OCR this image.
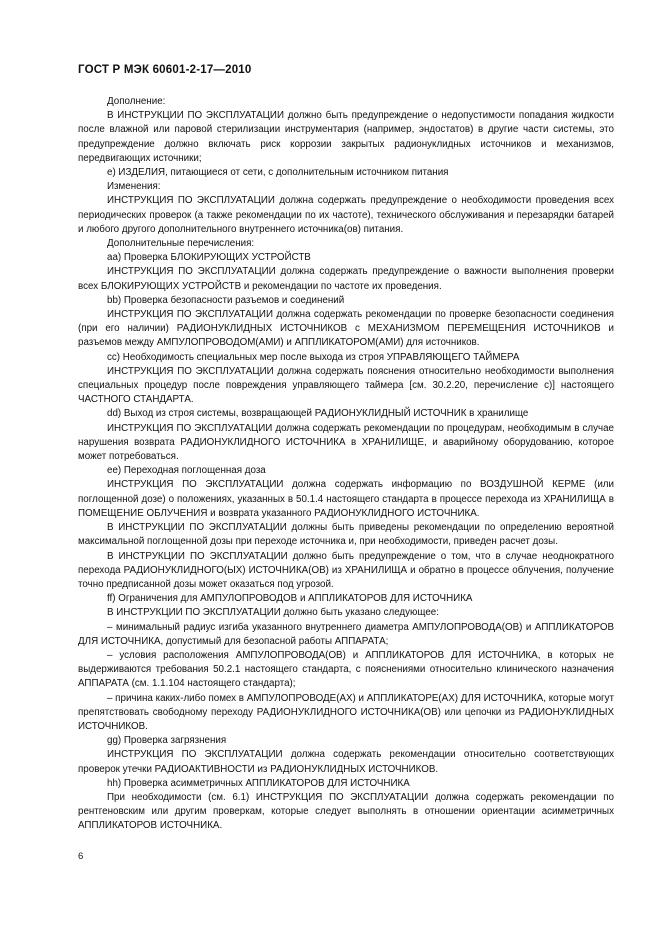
ГОСТ Р МЭК 60601-2-17—2010

Дополнение:

В ИНСТРУКЦИИ ПО ЭКСПЛУАТАЦИИ должно быть предупреждение о недопустимости попадания жидкости после влажной или паровой стерилизации инструментария (например, эндостатов) в другие части системы, это предупреждение должно включать риск коррозии закрытых радионуклидных источников и механизмов, передвигающих источники;

е) ИЗДЕЛИЯ, питающиеся от сети, с дополнительным источником питания

Изменения:

ИНСТРУКЦИЯ ПО ЭКСПЛУАТАЦИИ должна содержать предупреждение о необходимости проведения всех периодических проверок (а также рекомендации по их частоте), технического обслуживания и перезарядки батарей и любого другого дополнительного внутреннего источника(ов) питания.

Дополнительные перечисления:

аа) Проверка БЛОКИРУЮЩИХ УСТРОЙСТВ

ИНСТРУКЦИЯ ПО ЭКСПЛУАТАЦИИ должна содержать предупреждение о важности выполнения проверки всех БЛОКИРУЮЩИХ УСТРОЙСТВ и рекомендации по частоте их проведения.

bb) Проверка безопасности разъемов и соединений

ИНСТРУКЦИЯ ПО ЭКСПЛУАТАЦИИ должна содержать рекомендации по проверке безопасности соединения (при его наличии) РАДИОНУКЛИДНЫХ ИСТОЧНИКОВ с МЕХАНИЗМОМ ПЕРЕМЕЩЕНИЯ ИСТОЧНИКОВ и разъемов между АМПУЛОПРОВОДОМ(АМИ) и АППЛИКАТОРОМ(АМИ) для источников.

сс) Необходимость специальных мер после выхода из строя УПРАВЛЯЮЩЕГО ТАЙМЕРА

ИНСТРУКЦИЯ ПО ЭКСПЛУАТАЦИИ должна содержать пояснения относительно необходимости выполнения специальных процедур после повреждения управляющего таймера [см. 30.2.20, перечисление с)] настоящего ЧАСТНОГО СТАНДАРТА.

dd) Выход из строя системы, возвращающей РАДИОНУКЛИДНЫЙ ИСТОЧНИК в хранилище

ИНСТРУКЦИЯ ПО ЭКСПЛУАТАЦИИ должна содержать рекомендации по процедурам, необходимым в случае нарушения возврата РАДИОНУКЛИДНОГО ИСТОЧНИКА в ХРАНИЛИЩЕ, и аварийному оборудованию, которое может потребоваться.

ее) Переходная поглощенная доза

ИНСТРУКЦИЯ ПО ЭКСПЛУАТАЦИИ должна содержать информацию по ВОЗДУШНОЙ КЕРМЕ (или поглощенной дозе) о положениях, указанных в 50.1.4 настоящего стандарта в процессе перехода из ХРАНИЛИЩА в ПОМЕЩЕНИЕ ОБЛУЧЕНИЯ и возврата указанного РАДИОНУКЛИДНОГО ИСТОЧНИКА.

В ИНСТРУКЦИИ ПО ЭКСПЛУАТАЦИИ должны быть приведены рекомендации по определению вероятной максимальной поглощенной дозы при переходе источника и, при необходимости, приведен расчет дозы.

В ИНСТРУКЦИИ ПО ЭКСПЛУАТАЦИИ должно быть предупреждение о том, что в случае неоднократного перехода РАДИОНУКЛИДНОГО(ЫХ) ИСТОЧНИКА(ОВ) из ХРАНИЛИЩА и обратно в процессе облучения, получение точно предписанной дозы может оказаться под угрозой.

ff) Ограничения для АМПУЛОПРОВОДОВ и АППЛИКАТОРОВ ДЛЯ ИСТОЧНИКА

В ИНСТРУКЦИИ ПО ЭКСПЛУАТАЦИИ должно быть указано следующее:

– минимальный радиус изгиба указанного внутреннего диаметра АМПУЛОПРОВОДА(ОВ) и АППЛИКАТОРОВ ДЛЯ ИСТОЧНИКА, допустимый для безопасной работы АППАРАТА;

– условия расположения АМПУЛОПРОВОДА(ОВ) и АППЛИКАТОРОВ ДЛЯ ИСТОЧНИКА, в которых не выдерживаются требования 50.2.1 настоящего стандарта, с пояснениями относительно клинического назначения АППАРАТА (см. 1.1.104 настоящего стандарта);

– причина каких-либо помех в АМПУЛОПРОВОДЕ(АХ) и АППЛИКАТОРЕ(АХ) ДЛЯ ИСТОЧНИКА, которые могут препятствовать свободному переходу РАДИОНУКЛИДНОГО ИСТОЧНИКА(ОВ) или цепочки из РАДИОНУКЛИДНЫХ ИСТОЧНИКОВ.

gg) Проверка загрязнения

ИНСТРУКЦИЯ ПО ЭКСПЛУАТАЦИИ должна содержать рекомендации относительно соответствующих проверок утечки РАДИОАКТИВНОСТИ из РАДИОНУКЛИДНЫХ ИСТОЧНИКОВ.

hh) Проверка асимметричных АППЛИКАТОРОВ ДЛЯ ИСТОЧНИКА

При необходимости (см. 6.1) ИНСТРУКЦИЯ ПО ЭКСПЛУАТАЦИИ должна содержать рекомендации по рентгеновским или другим проверкам, которые следует выполнять в отношении ориентации асимметричных АППЛИКАТОРОВ ИСТОЧНИКА.

6
